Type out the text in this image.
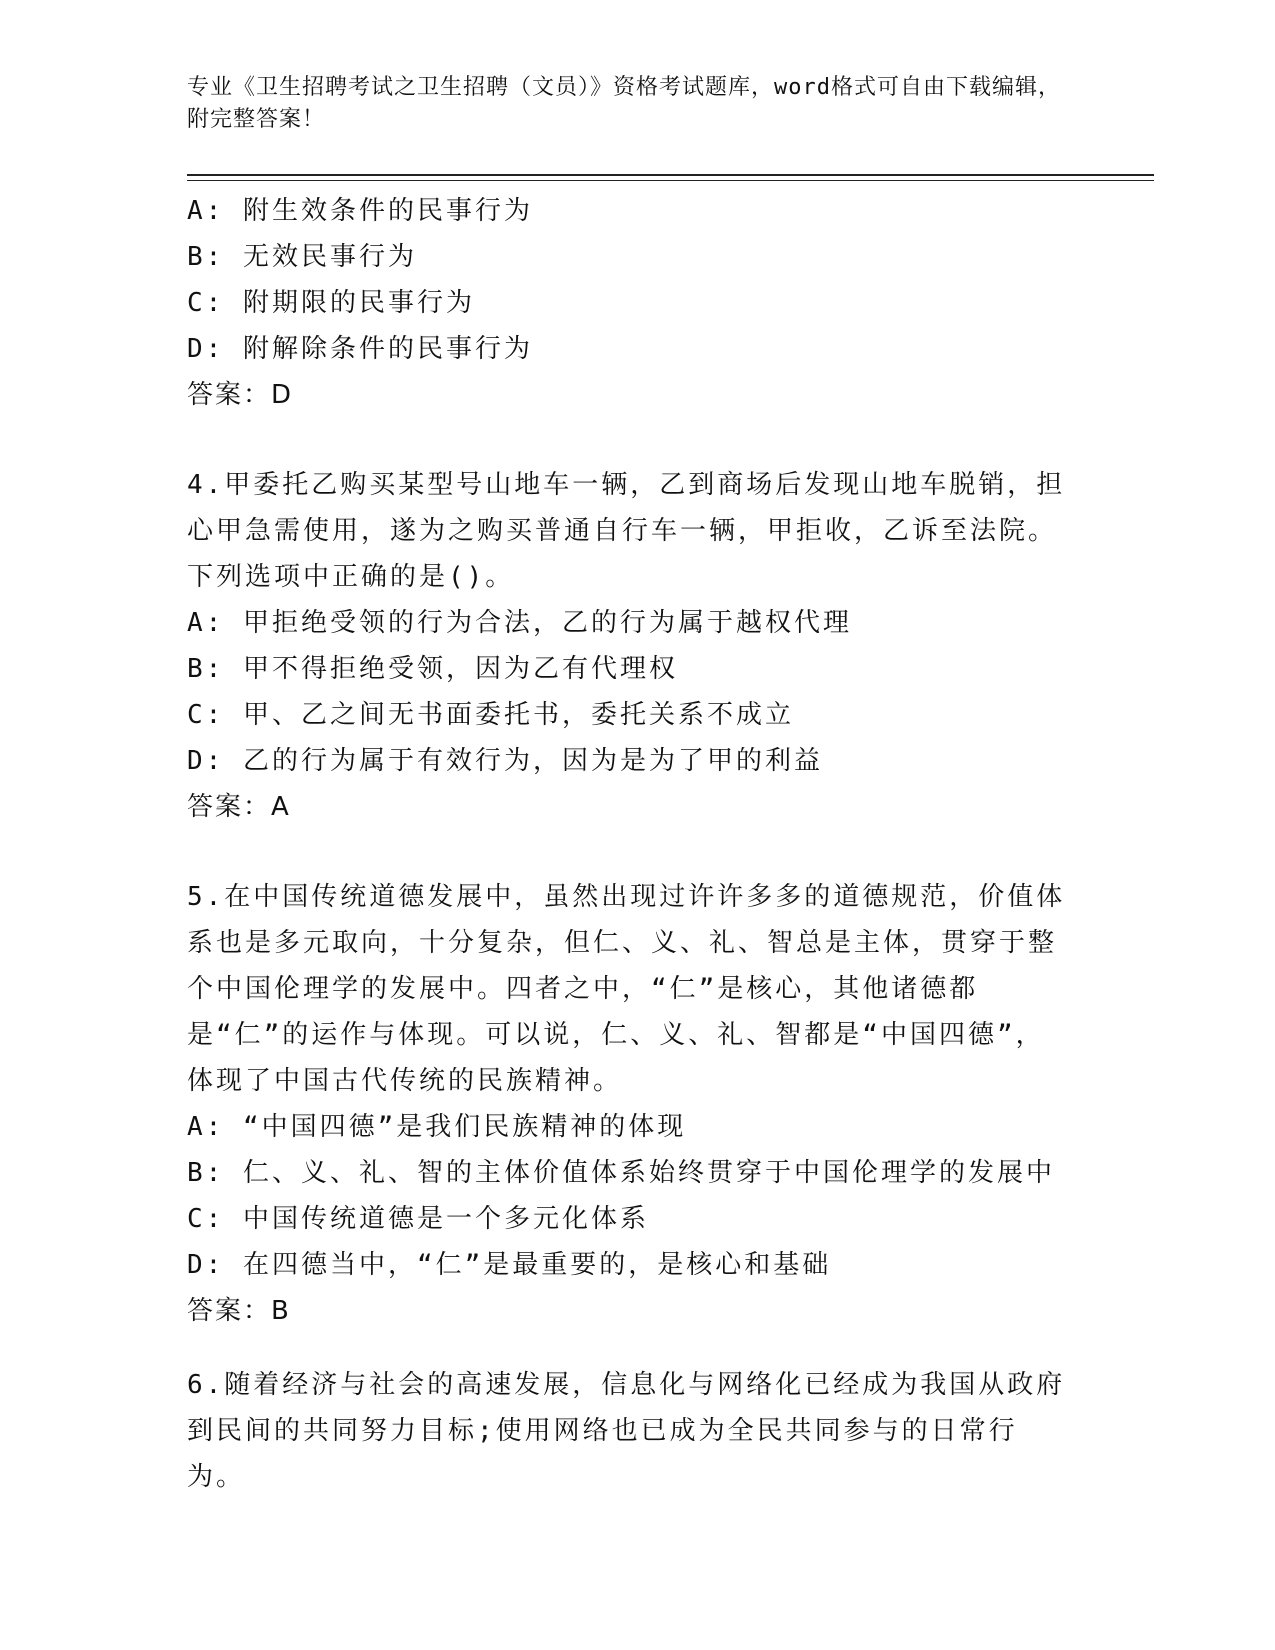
专业《卫生招聘考试之卫生招聘（文员）》资格考试题库，word格式可自由下载编辑，附完整答案！
A: 附生效条件的民事行为
B: 无效民事行为
C: 附期限的民事行为
D: 附解除条件的民事行为
答案：D
4.甲委托乙购买某型号山地车一辆，乙到商场后发现山地车脱销，担心甲急需使用，遂为之购买普通自行车一辆，甲拒收，乙诉至法院。下列选项中正确的是()。
A: 甲拒绝受领的行为合法，乙的行为属于越权代理
B: 甲不得拒绝受领，因为乙有代理权
C: 甲、乙之间无书面委托书，委托关系不成立
D: 乙的行为属于有效行为，因为是为了甲的利益
答案：A
5.在中国传统道德发展中，虽然出现过许许多多的道德规范，价值体系也是多元取向，十分复杂，但仁、义、礼、智总是主体，贯穿于整个中国伦理学的发展中。四者之中，“仁”是核心，其他诸德都是“仁”的运作与体现。可以说，仁、义、礼、智都是“中国四德”，体现了中国古代传统的民族精神。
A: “中国四德”是我们民族精神的体现
B: 仁、义、礼、智的主体价值体系始终贯穿于中国伦理学的发展中
C: 中国传统道德是一个多元化体系
D: 在四德当中，“仁”是最重要的，是核心和基础
答案：B
6.随着经济与社会的高速发展，信息化与网络化已经成为我国从政府到民间的共同努力目标;使用网络也已成为全民共同参与的日常行为。
